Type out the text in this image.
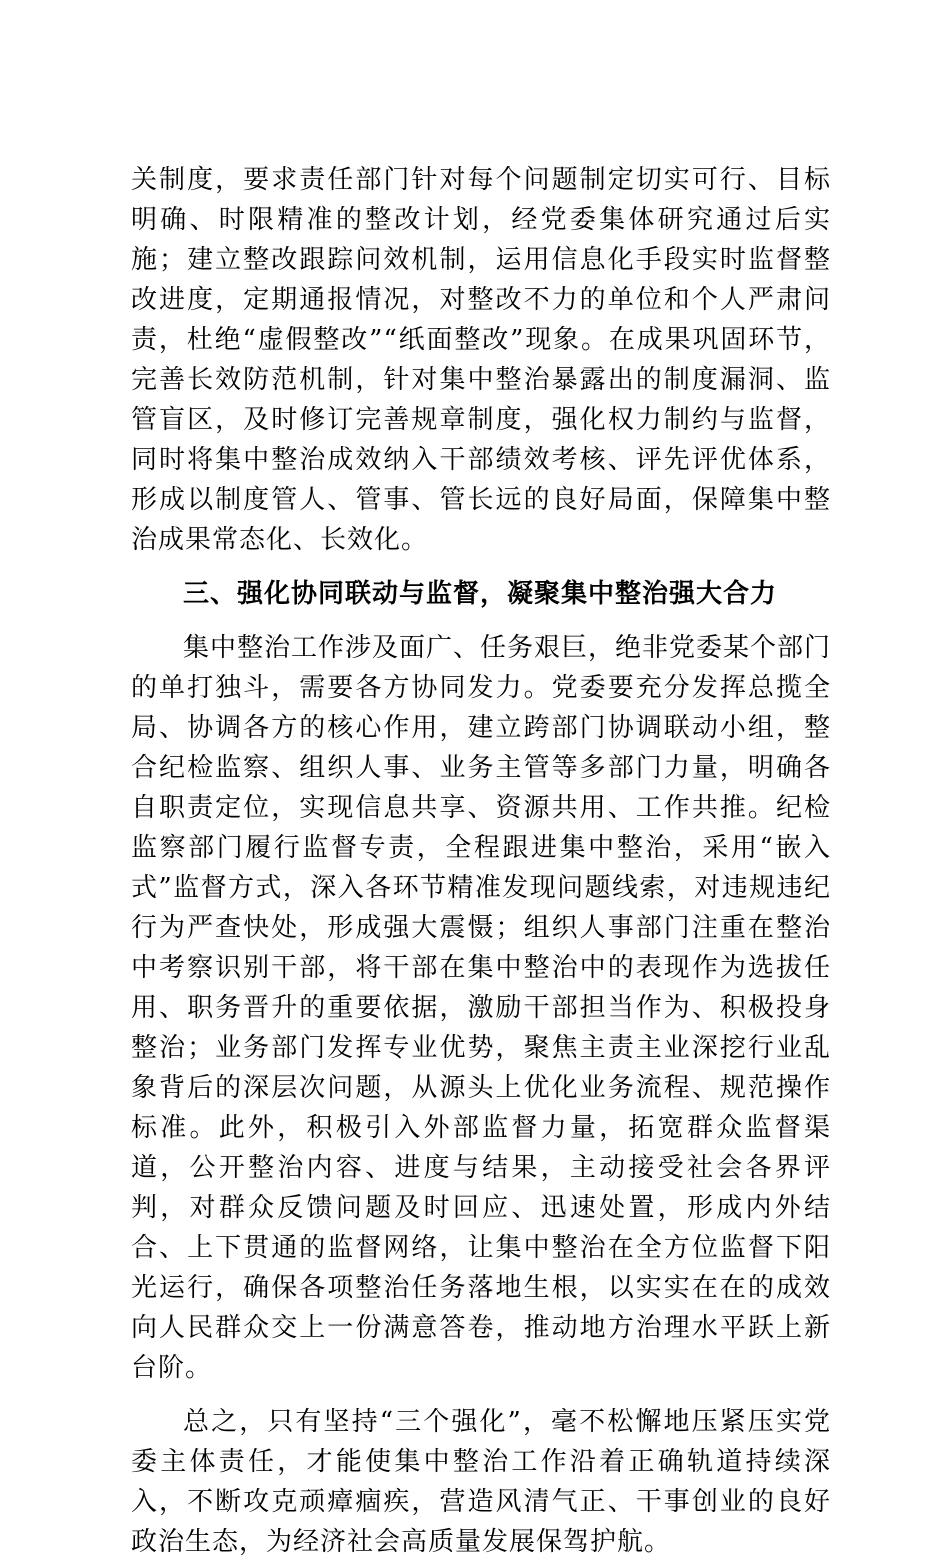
关制度，要求责任部门针对每个问题制定切实可行、目标明确、时限精准的整改计划，经党委集体研究通过后实施；建立整改跟踪问效机制，运用信息化手段实时监督整改进度，定期通报情况，对整改不力的单位和个人严肃问责，杜绝“虚假整改”“纸面整改”现象。在成果巩固环节，完善长效防范机制，针对集中整治暴露出的制度漏洞、监管盲区，及时修订完善规章制度，强化权力制约与监督，同时将集中整治成效纳入干部绩效考核、评先评优体系，形成以制度管人、管事、管长远的良好局面，保障集中整治成果常态化、长效化。

三、强化协同联动与监督，凝聚集中整治强大合力

集中整治工作涉及面广、任务艰巨，绝非党委某个部门的单打独斗，需要各方协同发力。党委要充分发挥总揽全局、协调各方的核心作用，建立跨部门协调联动小组，整合纪检监察、组织人事、业务主管等多部门力量，明确各自职责定位，实现信息共享、资源共用、工作共推。纪检监察部门履行监督专责，全程跟进集中整治，采用“嵌入式”监督方式，深入各环节精准发现问题线索，对违规违纪行为严查快处，形成强大震慑；组织人事部门注重在整治中考察识别干部，将干部在集中整治中的表现作为选拔任用、职务晋升的重要依据，激励干部担当作为、积极投身整治；业务部门发挥专业优势，聚焦主责主业深挖行业乱象背后的深层次问题，从源头上优化业务流程、规范操作标准。此外，积极引入外部监督力量，拓宽群众监督渠道，公开整治内容、进度与结果，主动接受社会各界评判，对群众反馈问题及时回应、迅速处置，形成内外结合、上下贯通的监督网络，让集中整治在全方位监督下阳光运行，确保各项整治任务落地生根，以实实在在的成效向人民群众交上一份满意答卷，推动地方治理水平跃上新台阶。

总之，只有坚持“三个强化”，毫不松懈地压紧压实党委主体责任，才能使集中整治工作沿着正确轨道持续深入，不断攻克顽瘴痼疾，营造风清气正、干事创业的良好政治生态，为经济社会高质量发展保驾护航。
